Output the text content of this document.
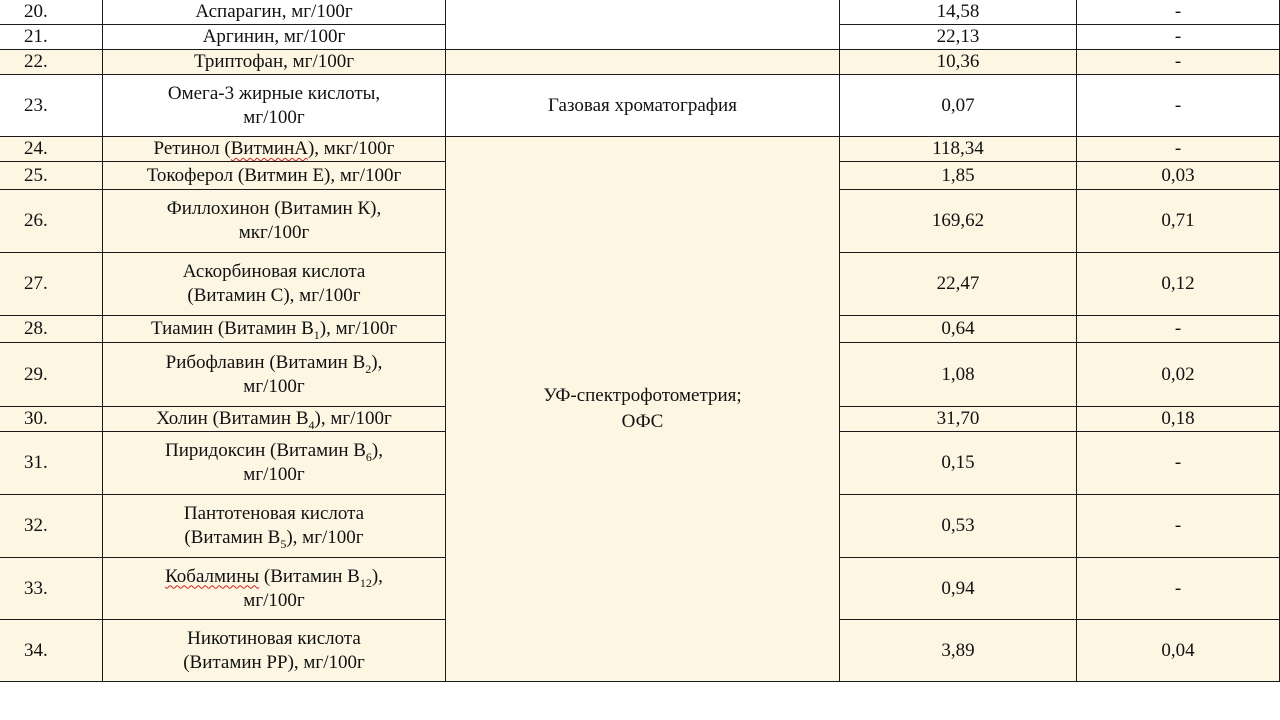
20.	Аспарагин, мг/100г		14,58	-
21.	Аргинин, мг/100г		22,13	-
22.	Триптофан, мг/100г		10,36	-
23.	Омега-3 жирные кислоты,
мг/100г	Газовая хроматография	0,07	-
24.	Ретинол (ВитминА), мкг/100г	УФ-спектрофотометрия;
ОФС	118,34	-
25.	Токоферол (Витмин Е), мг/100г		1,85	0,03
26.	Филлохинон (Витамин К),
мкг/100г		169,62	0,71
27.	Аскорбиновая кислота
(Витамин С), мг/100г		22,47	0,12
28.	Тиамин (Витамин $В_1$), мг/100г		0,64	-
29.	Рибофлавин (Витамин $В_2$),
мг/100г		1,08	0,02
30.	Холин (Витамин $В_4$), мг/100г		31,70	0,18
31.	Пиридоксин (Витамин $В_6$),
мг/100г		0,15	-
32.	Пантотеновая кислота
(Витамин $В_5$), мг/100г		0,53	-
33.	Кобалмины (Витамин $В_{12}$),
мг/100г		0,94	-
34.	Никотиновая кислота
(Витамин РР), мг/100г		3,89	0,04
